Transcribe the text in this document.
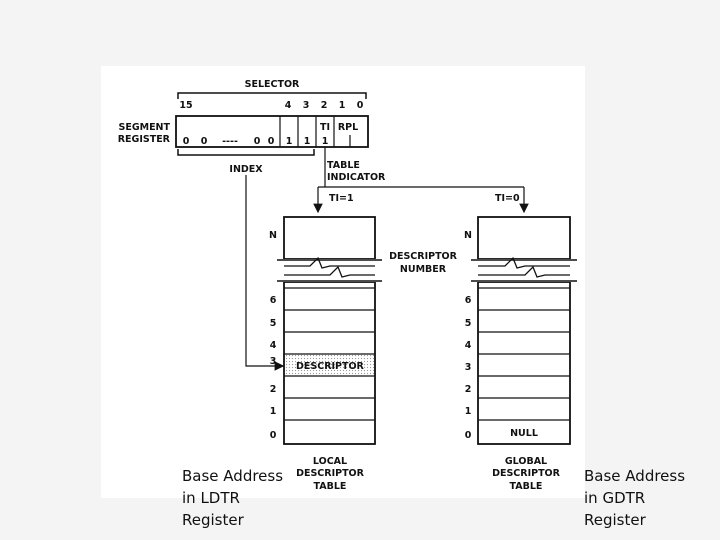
SELECTOR
15	4 3 2 1 0
SEGMENT
REGISTER
TI RPL
0 0 ---- 0 0 1 1 1
INDEX	TABLE
INDICATOR
TI=1	TI=0
DESCRIPTOR
NULL
DESCRIPTOR
NUMBER
N
6
5
4
3
2
1
0
N
6
5
4
3
2
1
0
LOCAL
DESCRIPTOR
TABLE
GLOBAL
DESCRIPTOR
TABLE
Base Address
in LDTR
Register
Base Address
in GDTR
Register
